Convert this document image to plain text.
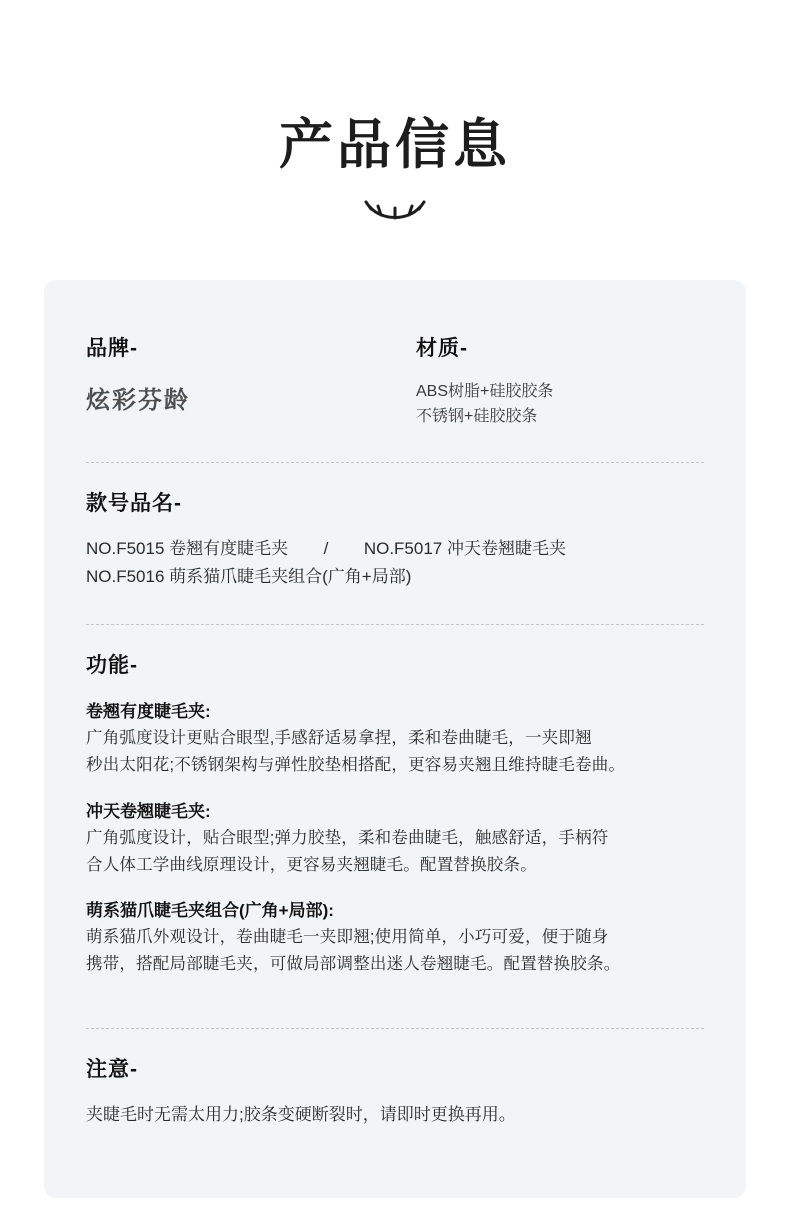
产品信息

品牌-

炫彩芬龄

材质-

ABS树脂+硅胶胶条

不锈钢+硅胶胶条

款号品名-

NO.F5015 卷翘有度睫毛夹 / NO.F5017 冲天卷翘睫毛夹

NO.F5016 萌系猫爪睫毛夹组合(广角+局部)

功能-

卷翘有度睫毛夹:

广角弧度设计更贴合眼型,手感舒适易拿捏，柔和卷曲睫毛，一夹即翘

秒出太阳花;不锈钢架构与弹性胶垫相搭配，更容易夹翘且维持睫毛卷曲。

冲天卷翘睫毛夹:

广角弧度设计，贴合眼型;弹力胶垫，柔和卷曲睫毛，触感舒适，手柄符

合人体工学曲线原理设计，更容易夹翘睫毛。配置替换胶条。

萌系猫爪睫毛夹组合(广角+局部):

萌系猫爪外观设计，卷曲睫毛一夹即翘;使用简单，小巧可爱，便于随身

携带，搭配局部睫毛夹，可做局部调整出迷人卷翘睫毛。配置替换胶条。

注意-

夹睫毛时无需太用力;胶条变硬断裂时，请即时更换再用。
